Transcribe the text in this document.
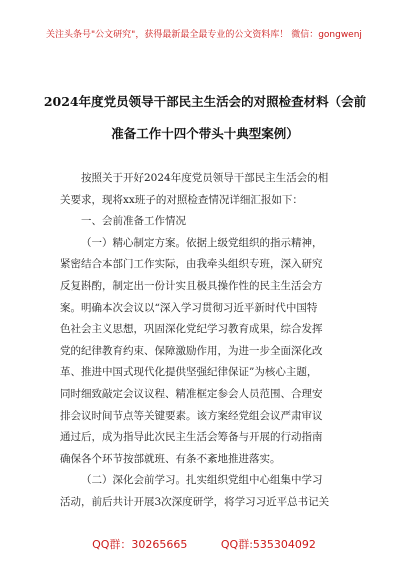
关注头条号"公文研究"，获得最新最全最专业的公文资料库！ 微信：gongwenj
2024年度党员领导干部民主生活会的对照检查材料（会前
准备工作十四个带头十典型案例）
按照关于开好2024年度党员领导干部民主生活会的相
关要求，现将xx班子的对照检查情况详细汇报如下：
一、会前准备工作情况
（一）精心制定方案。依据上级党组织的指示精神，
紧密结合本部门工作实际，由我牵头组织专班，深入研究
反复斟酌，制定出一份计实且极具操作性的民主生活会方
案。明确本次会议以“深入学习贯彻习近平新时代中国特
色社会主义思想，巩固深化党纪学习教育成果，综合发挥
党的纪律教育约束、保障激励作用，为进一步全面深化改
革、推进中国式现代化提供坚强纪律保证”为核心主题，
同时细致敲定会议议程、精准框定参会人员范围、合理安
排会议时间节点等关键要素。该方案经党组会议严肃审议
通过后，成为指导此次民主生活会筹备与开展的行动指南
确保各个环节按部就班、有条不紊地推进落实。
（二）深化会前学习。扎实组织党组中心组集中学习
活动，前后共计开展3次深度研学，将学习习近平总书记关
QQ群：30265665	QQ群:535304092
